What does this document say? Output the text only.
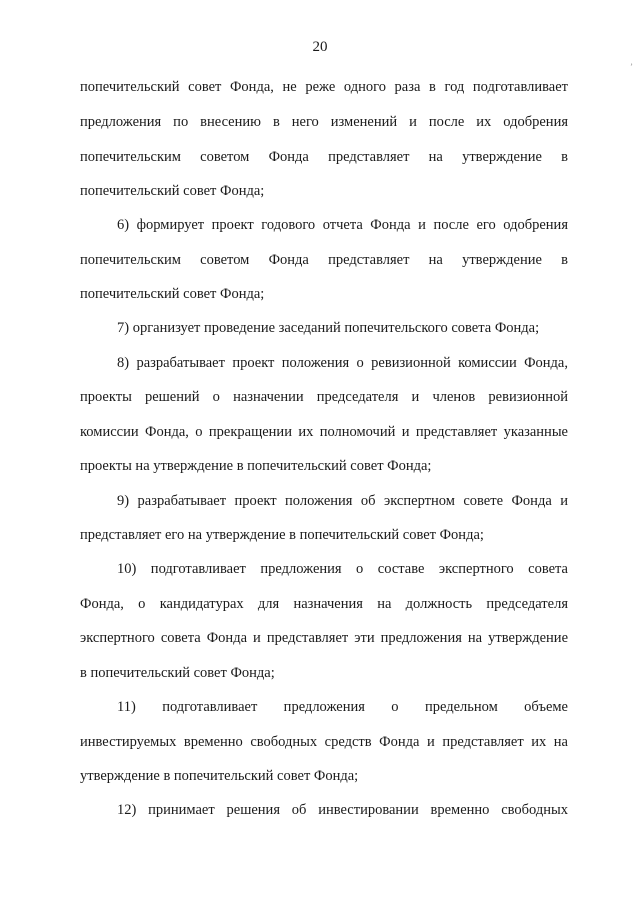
20
ʼ
попечительский совет Фонда, не реже одного раза в год подготавливает
предложения по внесению в него изменений и после их одобрения
попечительским советом Фонда представляет на утверждение в
попечительский совет Фонда;
6) формирует проект годового отчета Фонда и после его одобрения
попечительским советом Фонда представляет на утверждение в
попечительский совет Фонда;
7) организует проведение заседаний попечительского совета Фонда;
8) разрабатывает проект положения о ревизионной комиссии Фонда,
проекты решений о назначении председателя и членов ревизионной
комиссии Фонда, о прекращении их полномочий и представляет указанные
проекты на утверждение в попечительский совет Фонда;
9) разрабатывает проект положения об экспертном совете Фонда и
представляет его на утверждение в попечительский совет Фонда;
10) подготавливает предложения о составе экспертного совета
Фонда, о кандидатурах для назначения на должность председателя
экспертного совета Фонда и представляет эти предложения на утверждение
в попечительский совет Фонда;
11) подготавливает предложения о предельном объеме
инвестируемых временно свободных средств Фонда и представляет их на
утверждение в попечительский совет Фонда;
12) принимает решения об инвестировании временно свободных
